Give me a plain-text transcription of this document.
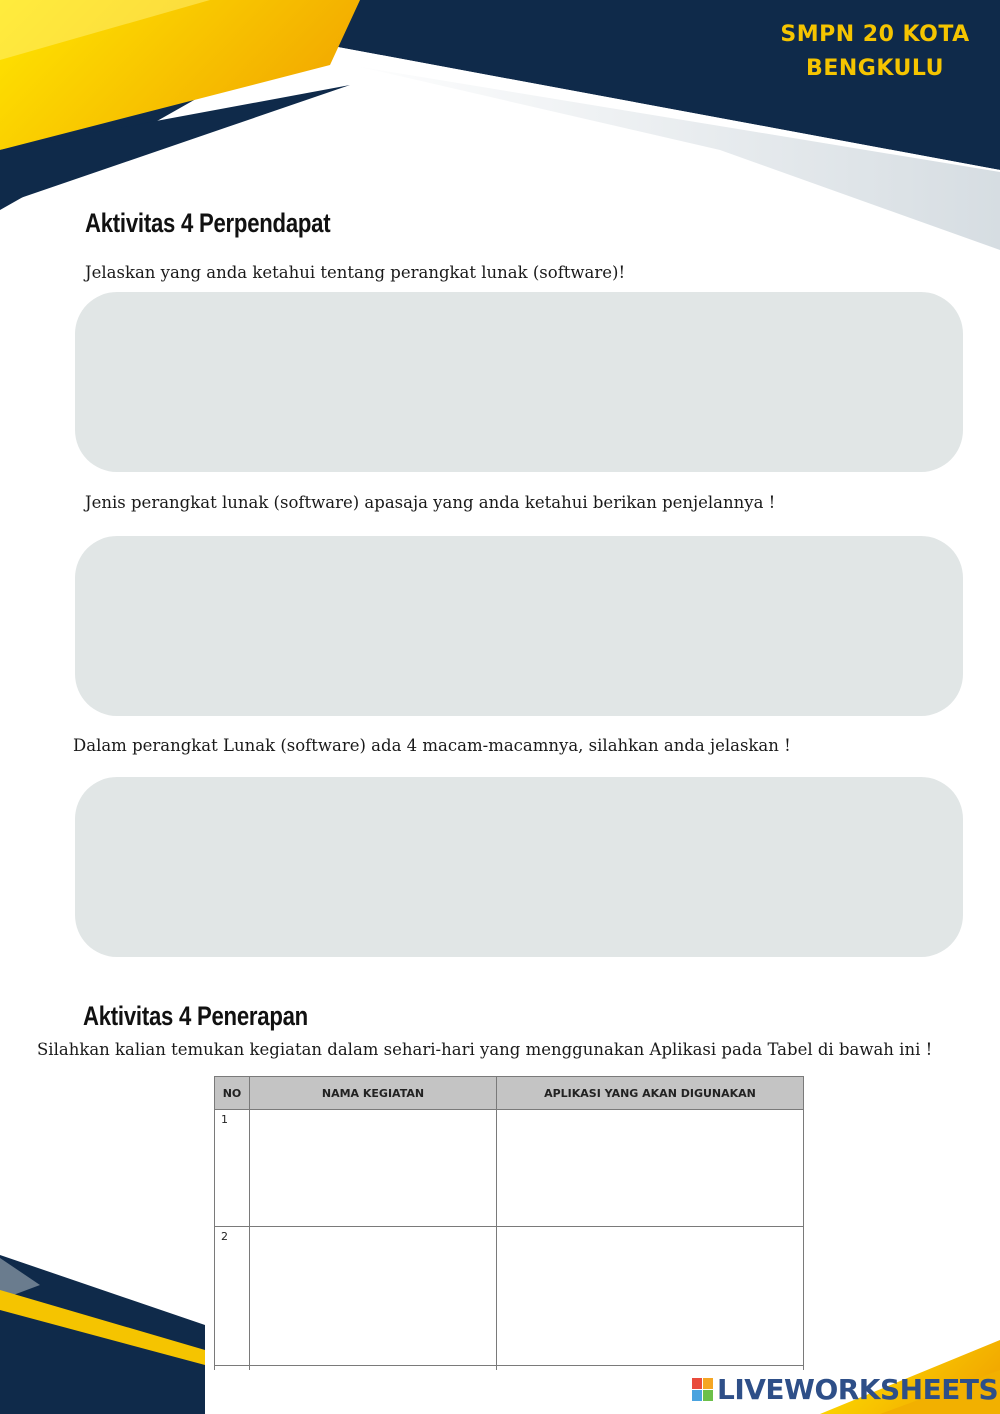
SMPN 20 KOTA
BENGKULU
Aktivitas 4 Perpendapat
Jelaskan yang anda ketahui tentang perangkat lunak (software)!
Jenis perangkat lunak (software) apasaja yang anda ketahui berikan penjelannya !
Dalam perangkat Lunak (software) ada 4 macam-macamnya, silahkan anda jelaskan !
Aktivitas 4 Penerapan
Silahkan kalian temukan kegiatan dalam sehari-hari yang menggunakan Aplikasi pada Tabel di bawah ini !
NO	NAMA KEGIATAN	APLIKASI YANG AKAN DIGUNAKAN
1		
2		

LIVEWORKSHEETS
